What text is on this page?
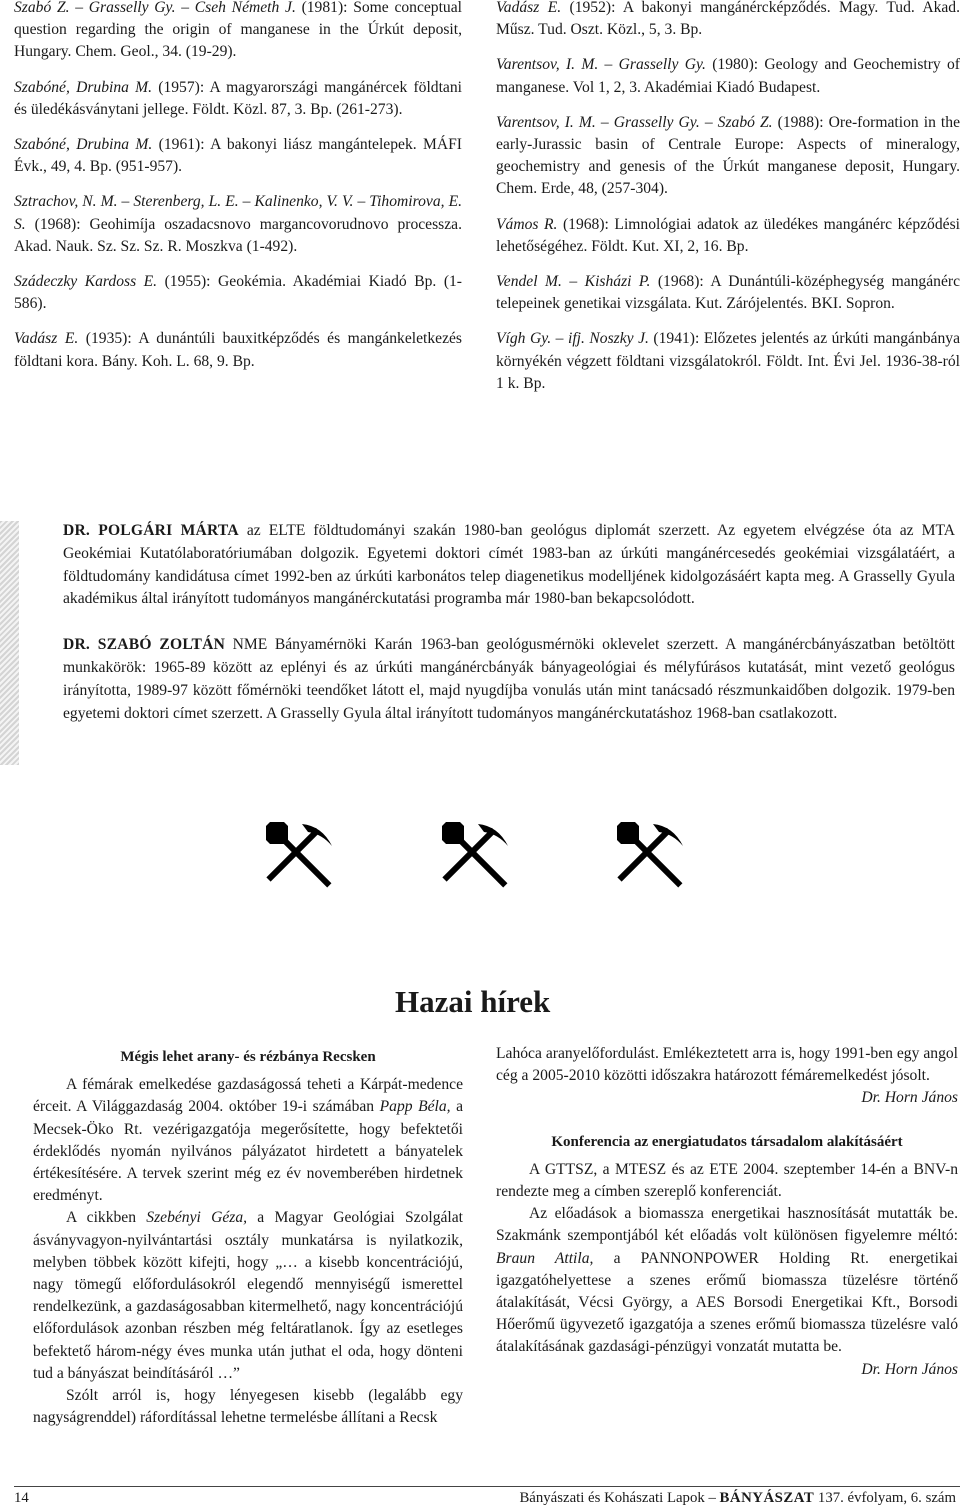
Szabó Z. – Grasselly Gy. – Cseh Németh J. (1981): Some conceptual question regarding the origin of manganese in the Úrkút deposit, Hungary. Chem. Geol., 34. (19-29).

Szabóné, Drubina M. (1957): A magyarországi mangánércek földtani és üledékásványtani jellege. Földt. Közl. 87, 3. Bp. (261-273).

Szabóné, Drubina M. (1961): A bakonyi liász mangántelepek. MÁFI Évk., 49, 4. Bp. (951-957).

Sztrachov, N. M. – Sterenberg, L. E. – Kalinenko, V. V. – Tihomirova, E. S. (1968): Geohimíja oszadacsnovo margancovorudnovo processza. Akad. Nauk. Sz. Sz. Sz. R. Moszkva (1-492).

Szádeczky Kardoss E. (1955): Geokémia. Akadémiai Kiadó Bp. (1-586).

Vadász E. (1935): A dunántúli bauxitképződés és mangánkeletkezés földtani kora. Bány. Koh. L. 68, 9. Bp.

Vadász E. (1952): A bakonyi mangánércképződés. Magy. Tud. Akad. Műsz. Tud. Oszt. Közl., 5, 3. Bp.

Varentsov, I. M. – Grasselly Gy. (1980): Geology and Geochemistry of manganese. Vol 1, 2, 3. Akadémiai Kiadó Budapest.

Varentsov, I. M. – Grasselly Gy. – Szabó Z. (1988): Ore-formation in the early-Jurassic basin of Centrale Europe: Aspects of mineralogy, geochemistry and genesis of the Úrkút manganese deposit, Hungary. Chem. Erde, 48, (257-304).

Vámos R. (1968): Limnológiai adatok az üledékes mangánérc képződési lehetőségéhez. Földt. Kut. XI, 2, 16. Bp.

Vendel M. – Kisházi P. (1968): A Dunántúli-középhegység mangánérc telepeinek genetikai vizsgálata. Kut. Zárójelentés. BKI. Sopron.

Vígh Gy. – ifj. Noszky J. (1941): Előzetes jelentés az úrkúti mangánbánya környékén végzett földtani vizsgálatokról. Földt. Int. Évi Jel. 1936-38-ról 1 k. Bp.

DR. POLGÁRI MÁRTA az ELTE földtudományi szakán 1980-ban geológus diplomát szerzett. Az egyetem elvégzése óta az MTA Geokémiai Kutatólaboratóriumában dolgozik. Egyetemi doktori címét 1983-ban az úrkúti mangánércesedés geokémiai vizsgálatáért, a földtudomány kandidátusa címet 1992-ben az úrkúti karbonátos telep diagenetikus modelljének kidolgozásáért kapta meg. A Grasselly Gyula akadémikus által irányított tudományos mangánérckutatási programba már 1980-ban bekapcsolódott.

DR. SZABÓ ZOLTÁN NME Bányamérnöki Karán 1963-ban geológusmérnöki oklevelet szerzett. A mangánércbányászatban betöltött munkakörök: 1965-89 között az eplényi és az úrkúti mangánércbányák bányageológiai és mélyfúrásos kutatását, mint vezető geológus irányította, 1989-97 között főmérnöki teendőket látott el, majd nyugdíjba vonulás után mint tanácsadó részmunkaidőben dolgozik. 1979-ben egyetemi doktori címet szerzett. A Grasselly Gyula által irányított tudományos mangánérckutatáshoz 1968-ban csatlakozott.

Hazai hírek

Mégis lehet arany- és rézbánya Recsken

A fémárak emelkedése gazdaságossá teheti a Kárpát-medence érceit. A Világgazdaság 2004. október 19-i számában Papp Béla, a Mecsek-Öko Rt. vezérigazgatója megerősítette, hogy befektetői érdeklődés nyomán nyilvános pályázatot hirdetett a bányatelek értékesítésére. A tervek szerint még ez év novemberében hirdetnek eredményt.

A cikkben Szebényi Géza, a Magyar Geológiai Szolgálat ásványvagyon-nyilvántartási osztály munkatársa is nyilatkozik, melyben többek között kifejti, hogy „… a kisebb koncentrációjú, nagy tömegű előfordulásokról elegendő mennyiségű ismerettel rendelkezünk, a gazdaságosabban kitermelhető, nagy koncentrációjú előfordulások azonban részben még feltáratlanok. Így az esetleges befektető három-négy éves munka után juthat el oda, hogy dönteni tud a bányászat beindításáról …”

Szólt arról is, hogy lényegesen kisebb (legalább egy nagyságrenddel) ráfordítással lehetne termelésbe állítani a Recsk

Lahóca aranyelőfordulást. Emlékeztetett arra is, hogy 1991-ben egy angol cég a 2005-2010 közötti időszakra határozott fémáremelkedést jósolt.

Dr. Horn János

Konferencia az energiatudatos társadalom alakításáért

A GTTSZ, a MTESZ és az ETE 2004. szeptember 14-én a BNV-n rendezte meg a címben szereplő konferenciát.

Az előadások a biomassza energetikai hasznosítását mutatták be. Szakmánk szempontjából két előadás volt különösen figyelemre méltó: Braun Attila, a PANNONPOWER Holding Rt. energetikai igazgatóhelyettese a szenes erőmű biomassza tüzelésre történő átalakítását, Vécsi György, a AES Borsodi Energetikai Kft., Borsodi Hőerőmű ügyvezető igazgatója a szenes erőmű biomassza tüzelésre való átalakításának gazdasági-pénzügyi vonzatát mutatta be.

Dr. Horn János

14	Bányászati és Kohászati Lapok – BÁNYÁSZAT 137. évfolyam, 6. szám
